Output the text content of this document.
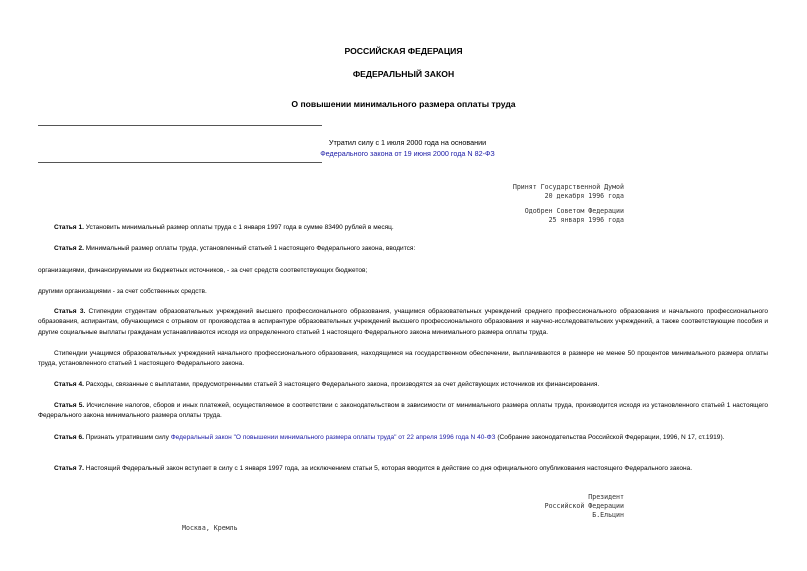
РОССИЙСКАЯ ФЕДЕРАЦИЯ
ФЕДЕРАЛЬНЫЙ ЗАКОН
О повышении минимального размера оплаты труда
Утратил силу с 1 июля 2000 года на основании
Федерального закона от 19 июня 2000 года N 82-ФЗ
Принят Государственной Думой
20 декабря 1996 года
Одобрен Советом Федерации
25 января 1996 года
Статья 1. Установить минимальный размер оплаты труда с 1 января 1997 года в сумме 83490 рублей в месяц.
Статья 2. Минимальный размер оплаты труда, установленный статьей 1 настоящего Федерального закона, вводится:
организациями, финансируемыми из бюджетных источников, - за счет средств соответствующих бюджетов;
другими организациями - за счет собственных средств.
Статья 3. Стипендии студентам образовательных учреждений высшего профессионального образования, учащимся образовательных учреждений среднего профессионального образования и начального профессионального образования, аспирантам, обучающимся с отрывом от производства в аспирантуре образовательных учреждений высшего профессионального образования и научно-исследовательских учреждений, а также соответствующие пособия и другие социальные выплаты гражданам устанавливаются исходя из определенного статьей 1 настоящего Федерального закона минимального размера оплаты труда.
Стипендии учащимся образовательных учреждений начального профессионального образования, находящимся на государственном обеспечении, выплачиваются в размере не менее 50 процентов минимального размера оплаты труда, установленного статьей 1 настоящего Федерального закона.
Статья 4. Расходы, связанные с выплатами, предусмотренными статьей 3 настоящего Федерального закона, производятся за счет действующих источников их финансирования.
Статья 5. Исчисление налогов, сборов и иных платежей, осуществляемое в соответствии с законодательством в зависимости от минимального размера оплаты труда, производится исходя из установленного статьей 1 настоящего Федерального закона минимального размера оплаты труда.
Статья 6. Признать утратившим силу Федеральный закон "О повышении минимального размера оплаты труда" от 22 апреля 1996 года N 40-ФЗ (Собрание законодательства Российской Федерации, 1996, N 17, ст.1919).
Статья 7. Настоящий Федеральный закон вступает в силу с 1 января 1997 года, за исключением статьи 5, которая вводится в действие со дня официального опубликования настоящего Федерального закона.
Президент
Российской Федерации
Б.Ельцин
Москва, Кремль
